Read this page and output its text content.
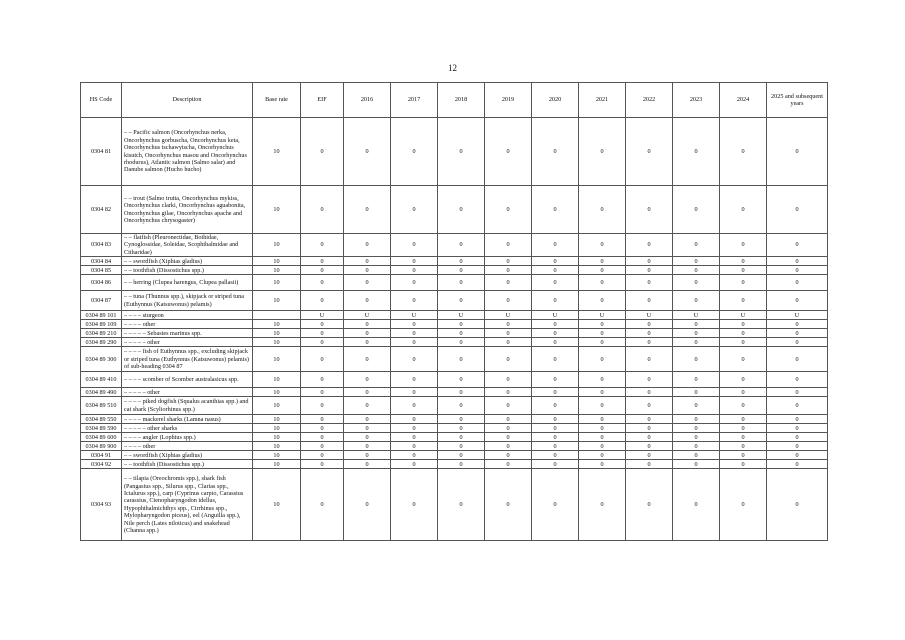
12
HS Code	Description	Base rate	EIF	2016	2017	2018	2019	2020	2021	2022	2023	2024	2025 and subsequent years
0304 81	– – Pacific salmon (Oncorhynchus nerka, Oncorhynchus gorbuscha, Oncorhynchus keta, Oncorhynchus tschawytscha, Oncorhynchus kisutch, Oncorhynchus masou and Oncorhynchus rhodurus), Atlantic salmon (Salmo salar) and Danube salmon (Hucho hucho)	10	0	0	0	0	0	0	0	0	0	0	0
0304 82	– – trout (Salmo trutta, Oncorhynchus mykiss, Oncorhynchus clarki, Oncorhynchus aguabonita, Oncorhynchus gilae, Oncorhynchus apache and Oncorhynchus chrysogaster)	10	0	0	0	0	0	0	0	0	0	0	0
0304 83	– – flatfish (Pleuronectidae, Bothidae, Cynoglossidae, Soleidae, Scophthalmidae and Citharidae)	10	0	0	0	0	0	0	0	0	0	0	0
0304 84	– – swordfish (Xiphias gladius)	10	0	0	0	0	0	0	0	0	0	0	0
0304 85	– – toothfish (Dissostichus spp.)	10	0	0	0	0	0	0	0	0	0	0	0
0304 86	– – herring (Clupea harengus, Clupea pallasii)	10	0	0	0	0	0	0	0	0	0	0	0
0304 87	– – tuna (Thunnus spp.), skipjack or striped tuna (Euthynnus (Katsuwonus) pelamis)	10	0	0	0	0	0	0	0	0	0	0	0
0304 89 101	– – – – sturgeon		U	U	U	U	U	U	U	U	U	U	U
0304 89 109	– – – – other	10	0	0	0	0	0	0	0	0	0	0	0
0304 89 210	– – – – – Sebastes marinus spp.	10	0	0	0	0	0	0	0	0	0	0	0
0304 89 290	– – – – – other	10	0	0	0	0	0	0	0	0	0	0	0
0304 89 300	– – – – fish of Euthynnus spp., excluding skipjack or striped tuna (Euthynnus (Katsuwonus) pelamis) of sub-heading 0304 87	10	0	0	0	0	0	0	0	0	0	0	0
0304 89 410	– – – – scomber of Scomber australasicus spp.	10	0	0	0	0	0	0	0	0	0	0	0
0304 89 490	– – – – – other	10	0	0	0	0	0	0	0	0	0	0	0
0304 89 510	– – – – piked dogfish (Squalus acanthias spp.) and cat shark (Scyliorhinus spp.)	10	0	0	0	0	0	0	0	0	0	0	0
0304 89 550	– – – – mackerel sharks (Lamna nasus)	10	0	0	0	0	0	0	0	0	0	0	0
0304 89 590	– – – – – other sharks	10	0	0	0	0	0	0	0	0	0	0	0
0304 89 600	– – – – angler (Lophius spp.)	10	0	0	0	0	0	0	0	0	0	0	0
0304 89 900	– – – – other	10	0	0	0	0	0	0	0	0	0	0	0
0304 91	– – swordfish (Xiphias gladius)	10	0	0	0	0	0	0	0	0	0	0	0
0304 92	– – toothfish (Dissostichus spp.)	10	0	0	0	0	0	0	0	0	0	0	0
0304 93	– – tilapia (Oreochromis spp.), shark fish (Pangasius spp., Silurus spp., Clarias spp., Ictalurus spp.), carp (Cyprinus carpio, Carassius carassius, Ctenopharyngodon idellus, Hypophthalmichthys spp., Cirrhinus spp., Mylopharyngodon piceus), eel (Anguilla spp.), Nile perch (Lates niloticus) and snakehead (Channa spp.)	10	0	0	0	0	0	0	0	0	0	0	0
